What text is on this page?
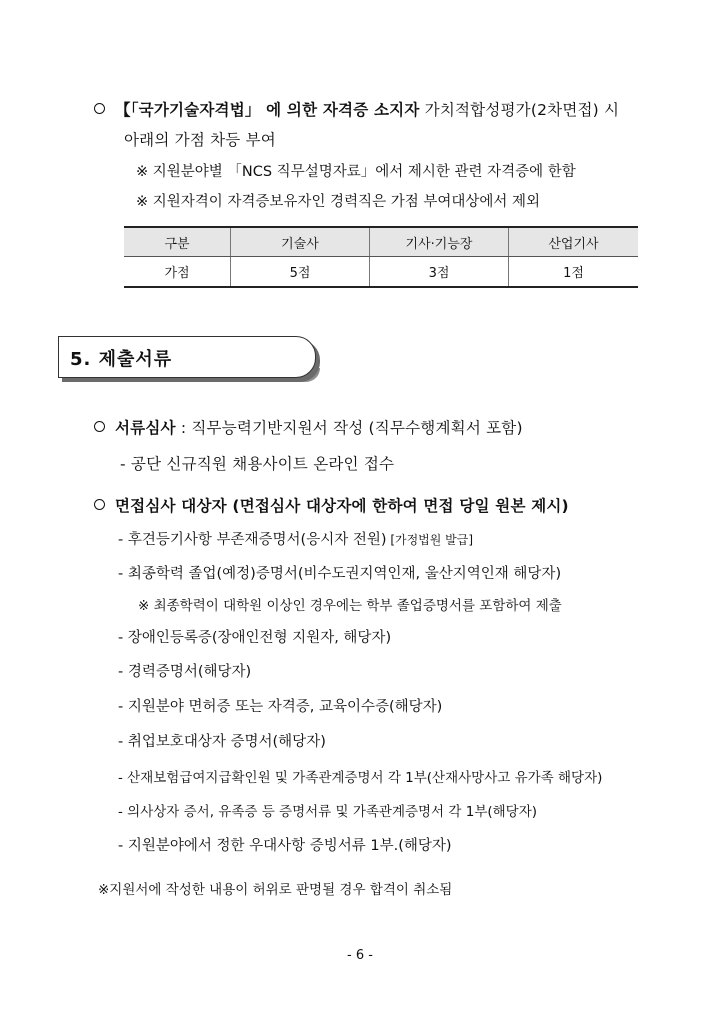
【「국가기술자격법」 에 의한 자격증 소지자 가치적합성평가(2차면접) 시
아래의 가점 차등 부여
※ 지원분야별 「NCS 직무설명자료」에서 제시한 관련 자격증에 한함
※ 지원자격이 자격증보유자인 경력직은 가점 부여대상에서 제외
구분	기술사	기사·기능장	산업기사
가점	5점	3점	1점
5. 제출서류
서류심사 : 직무능력기반지원서 작성 (직무수행계획서 포함)
- 공단 신규직원 채용사이트 온라인 접수
면접심사 대상자 (면접심사 대상자에 한하여 면접 당일 원본 제시)
- 후견등기사항 부존재증명서(응시자 전원) [가정법원 발급]
- 최종학력 졸업(예정)증명서(비수도권지역인재, 울산지역인재 해당자)
※ 최종학력이 대학원 이상인 경우에는 학부 졸업증명서를 포함하여 제출
- 장애인등록증(장애인전형 지원자, 해당자)
- 경력증명서(해당자)
- 지원분야 면허증 또는 자격증, 교육이수증(해당자)
- 취업보호대상자 증명서(해당자)
- 산재보험급여지급확인원 및 가족관계증명서 각 1부(산재사망사고 유가족 해당자)
- 의사상자 증서, 유족증 등 증명서류 및 가족관계증명서 각 1부(해당자)
- 지원분야에서 정한 우대사항 증빙서류 1부.(해당자)
※지원서에 작성한 내용이 허위로 판명될 경우 합격이 취소됨
- 6 -
